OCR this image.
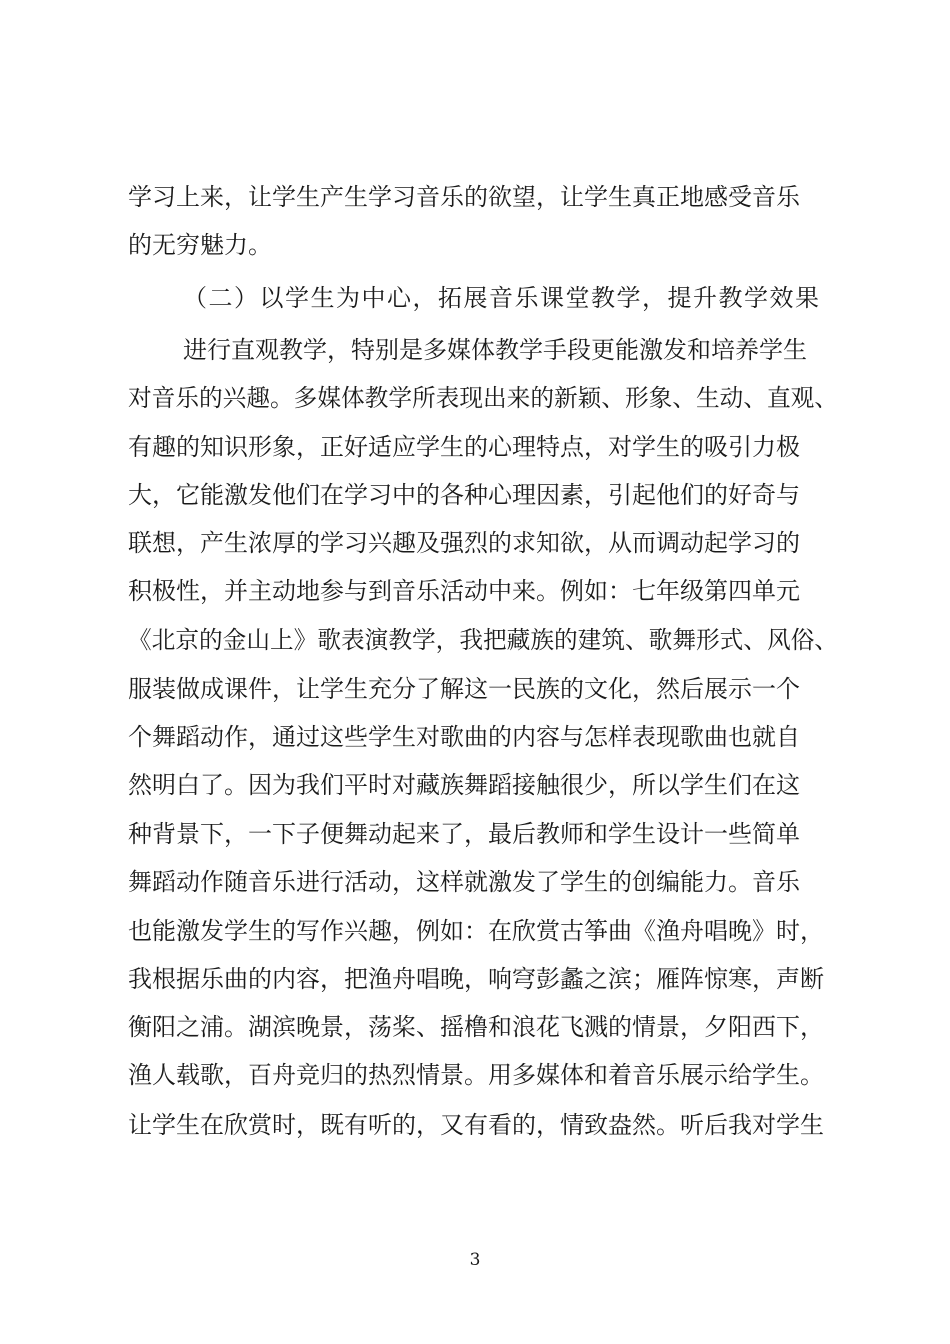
学习上来，让学生产生学习音乐的欲望，让学生真正地感受音乐
的无穷魅力。
（二）以学生为中心，拓展音乐课堂教学，提升教学效果
进行直观教学，特别是多媒体教学手段更能激发和培养学生
对音乐的兴趣。多媒体教学所表现出来的新颖、形象、生动、直观、
有趣的知识形象，正好适应学生的心理特点，对学生的吸引力极
大，它能激发他们在学习中的各种心理因素，引起他们的好奇与
联想，产生浓厚的学习兴趣及强烈的求知欲，从而调动起学习的
积极性，并主动地参与到音乐活动中来。例如：七年级第四单元
《北京的金山上》歌表演教学，我把藏族的建筑、歌舞形式、风俗、
服装做成课件，让学生充分了解这一民族的文化，然后展示一个
个舞蹈动作，通过这些学生对歌曲的内容与怎样表现歌曲也就自
然明白了。因为我们平时对藏族舞蹈接触很少，所以学生们在这
种背景下，一下子便舞动起来了，最后教师和学生设计一些简单
舞蹈动作随音乐进行活动，这样就激发了学生的创编能力。音乐
也能激发学生的写作兴趣，例如：在欣赏古筝曲《渔舟唱晚》时，
我根据乐曲的内容，把渔舟唱晚，响穹彭蠡之滨；雁阵惊寒，声断
衡阳之浦。湖滨晚景，荡桨、摇橹和浪花飞溅的情景，夕阳西下，
渔人载歌，百舟竞归的热烈情景。用多媒体和着音乐展示给学生。
让学生在欣赏时，既有听的，又有看的，情致盎然。听后我对学生
3
